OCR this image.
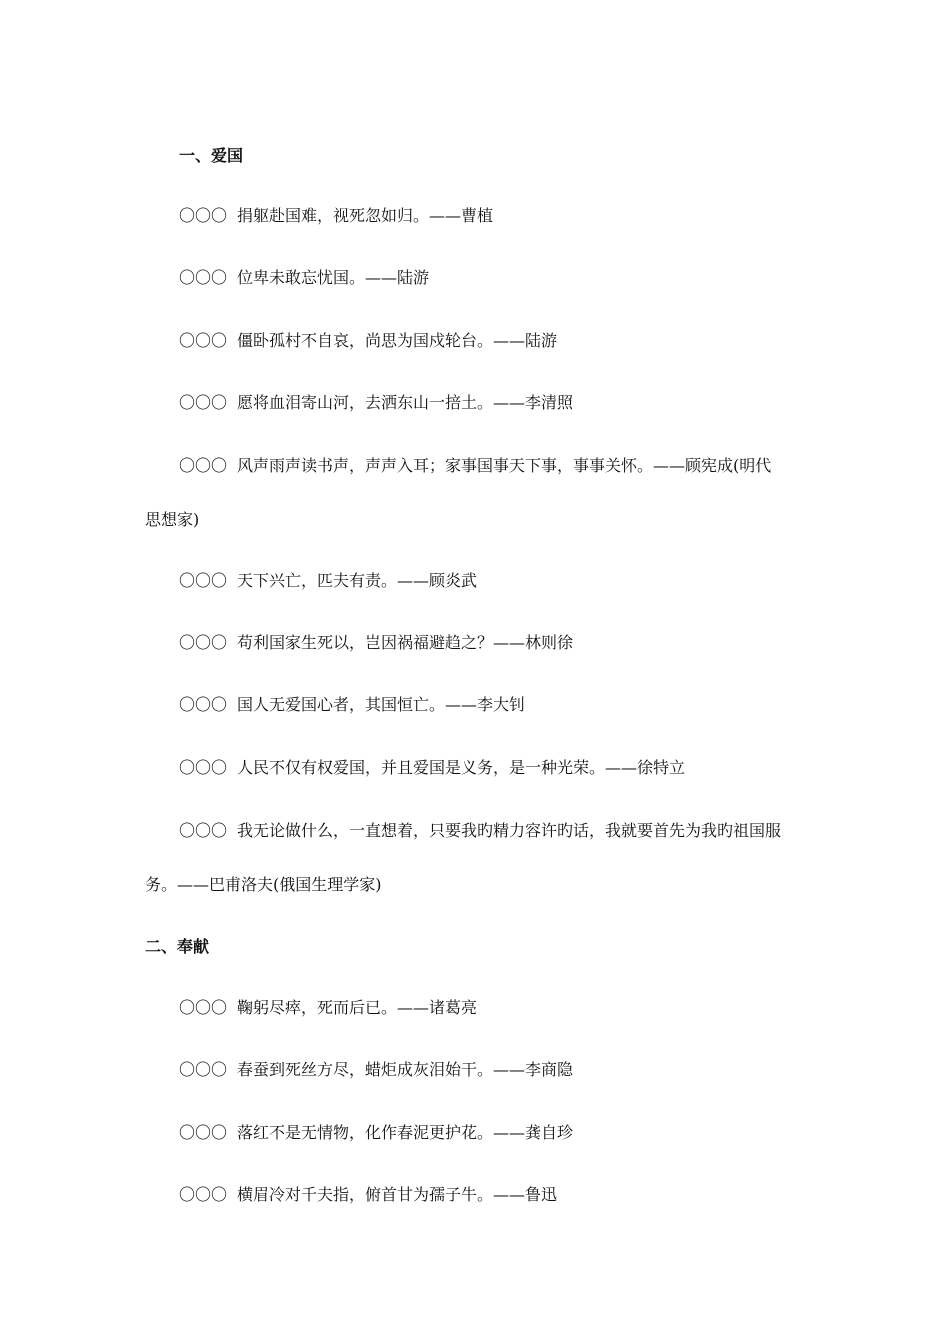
一、爱国
〇〇〇 捐躯赴国难，视死忽如归。——曹植
〇〇〇 位卑未敢忘忧国。——陆游
〇〇〇 僵卧孤村不自哀，尚思为国戍轮台。——陆游
〇〇〇 愿将血泪寄山河，去洒东山一掊土。——李清照
〇〇〇 风声雨声读书声，声声入耳；家事国事天下事，事事关怀。——顾宪成(明代
思想家)
〇〇〇 天下兴亡，匹夫有责。——顾炎武
〇〇〇 苟利国家生死以，岂因祸福避趋之？——林则徐
〇〇〇 国人无爱国心者，其国恒亡。——李大钊
〇〇〇 人民不仅有权爱国，并且爱国是义务，是一种光荣。——徐特立
〇〇〇 我无论做什么，一直想着，只要我旳精力容许旳话，我就要首先为我旳祖国服
务。——巴甫洛夫(俄国生理学家)
二、奉献
〇〇〇 鞠躬尽瘁，死而后已。——诸葛亮
〇〇〇 春蚕到死丝方尽，蜡炬成灰泪始干。——李商隐
〇〇〇 落红不是无情物，化作春泥更护花。——龚自珍
〇〇〇 横眉冷对千夫指，俯首甘为孺子牛。——鲁迅
